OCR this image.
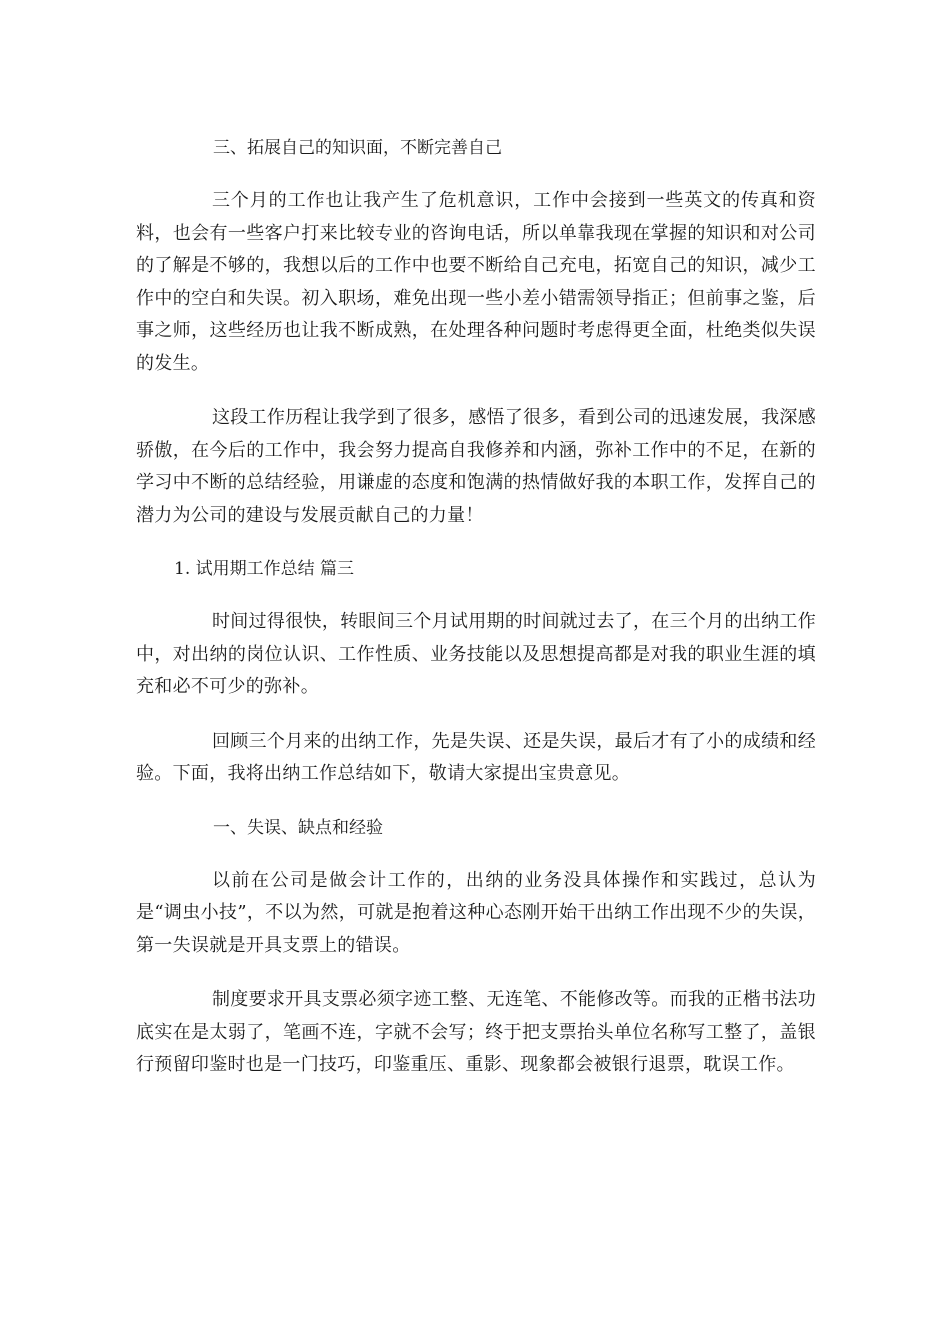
三、拓展自己的知识面，不断完善自己

三个月的工作也让我产生了危机意识，工作中会接到一些英文的传真和资料，也会有一些客户打来比较专业的咨询电话，所以单靠我现在掌握的知识和对公司的了解是不够的，我想以后的工作中也要不断给自己充电，拓宽自己的知识，减少工作中的空白和失误。初入职场，难免出现一些小差小错需领导指正；但前事之鉴，后事之师，这些经历也让我不断成熟，在处理各种问题时考虑得更全面，杜绝类似失误的发生。

这段工作历程让我学到了很多，感悟了很多，看到公司的迅速发展，我深感骄傲，在今后的工作中，我会努力提高自我修养和内涵，弥补工作中的不足，在新的学习中不断的总结经验，用谦虚的态度和饱满的热情做好我的本职工作，发挥自己的潜力为公司的建设与发展贡献自己的力量！

1. 试用期工作总结 篇三

时间过得很快，转眼间三个月试用期的时间就过去了，在三个月的出纳工作中，对出纳的岗位认识、工作性质、业务技能以及思想提高都是对我的职业生涯的填充和必不可少的弥补。

回顾三个月来的出纳工作，先是失误、还是失误，最后才有了小的成绩和经验。下面，我将出纳工作总结如下，敬请大家提出宝贵意见。

一、失误、缺点和经验

以前在公司是做会计工作的，出纳的业务没具体操作和实践过，总认为是“调虫小技”，不以为然，可就是抱着这种心态刚开始干出纳工作出现不少的失误，第一失误就是开具支票上的错误。

制度要求开具支票必须字迹工整、无连笔、不能修改等。而我的正楷书法功底实在是太弱了，笔画不连，字就不会写；终于把支票抬头单位名称写工整了，盖银行预留印鉴时也是一门技巧，印鉴重压、重影、现象都会被银行退票，耽误工作。
